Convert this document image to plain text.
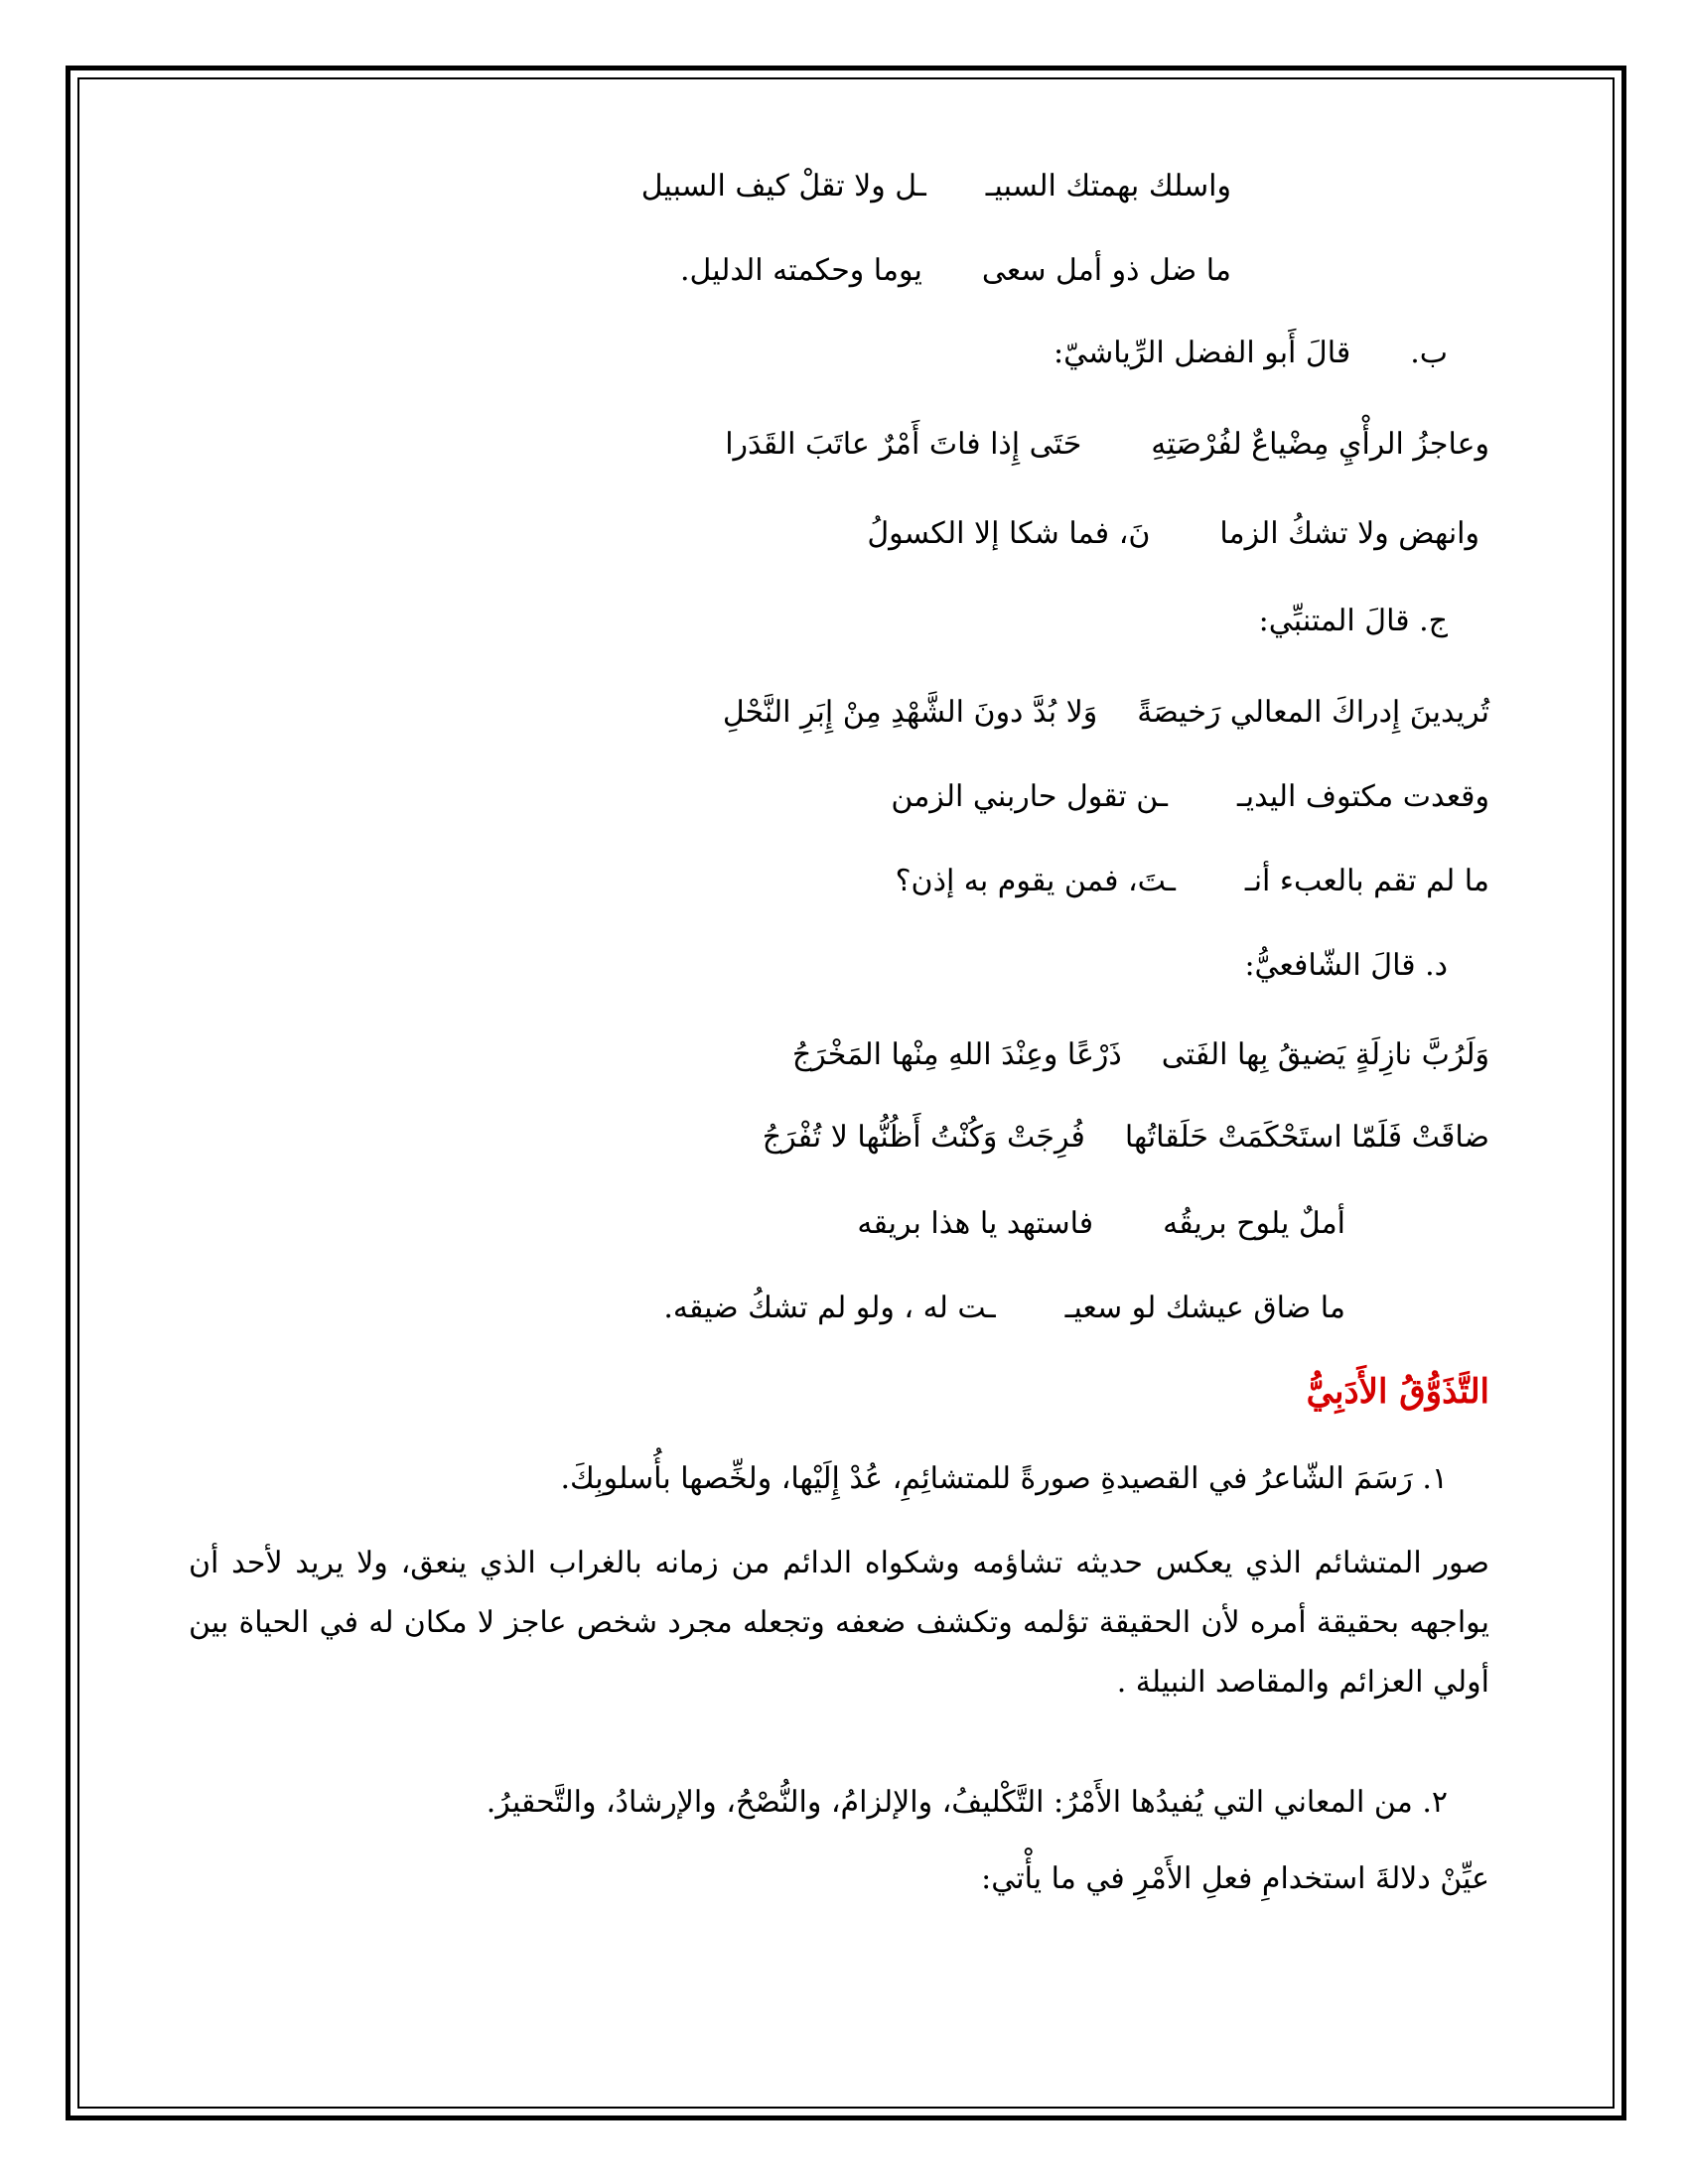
واسلك بهمتك السبيــل ولا تقلْ كيف السبيل
ما ضل ذو أمل سعىيوما وحكمته الدليل.
ب.قالَ أَبو الفضل الرِّياشيّ:
وعاجزُ الرأْيِ مِضْياعٌ لفُرْصَتِهِحَتَى إِذا فاتَ أَمْرٌ عاتَبَ القَدَرا
وانهض ولا تشكُ الزمانَ، فما شكا إلا الكسولُ
ج. قالَ المتنبِّي:
تُريدينَ إِدراكَ المعالي رَخيصَةًوَلا بُدَّ دونَ الشَّهْدِ مِنْ إِبَرِ النَّحْلِ
وقعدت مكتوف اليديــن تقول حاربني الزمن
ما لم تقم بالعبء أنــتَ، فمن يقوم به إذن؟
د. قالَ الشّافعيُّ:
وَلَرُبَّ نازِلَةٍ يَضيقُ بِها الفَتىذَرْعًا وعِنْدَ اللهِ مِنْها المَخْرَجُ
ضاقَتْ فَلَمّا استَحْكَمَتْ حَلَقاتُهافُرِجَتْ وَكُنْتُ أَظُنُّها لا تُفْرَجُ
أملٌ يلوح بريقُهفاستهد يا هذا بريقه
ما ضاق عيشك لو سعيــت له ، ولو لم تشكُ ضيقه.
التَّذَوُّقُ الأَدَبِيُّ
١. رَسَمَ الشّاعرُ في القصيدةِ صورةً للمتشائِمِ، عُدْ إِلَيْها، ولخِّصها بأُسلوبِكَ.
صور المتشائم الذي يعكس حديثه تشاؤمه وشكواه الدائم من زمانه بالغراب الذي ينعق، ولا يريد لأحد أن يواجهه بحقيقة أمره لأن الحقيقة تؤلمه وتكشف ضعفه وتجعله مجرد شخص عاجز لا مكان له في الحياة بين أولي العزائم والمقاصد النبيلة .
٢. من المعاني التي يُفيدُها الأَمْرُ: التَّكْليفُ، والإلزامُ، والنُّصْحُ، والإرشادُ، والتَّحقيرُ.
عيِّنْ دلالةَ استخدامِ فعلِ الأَمْرِ في ما يأْتي:
